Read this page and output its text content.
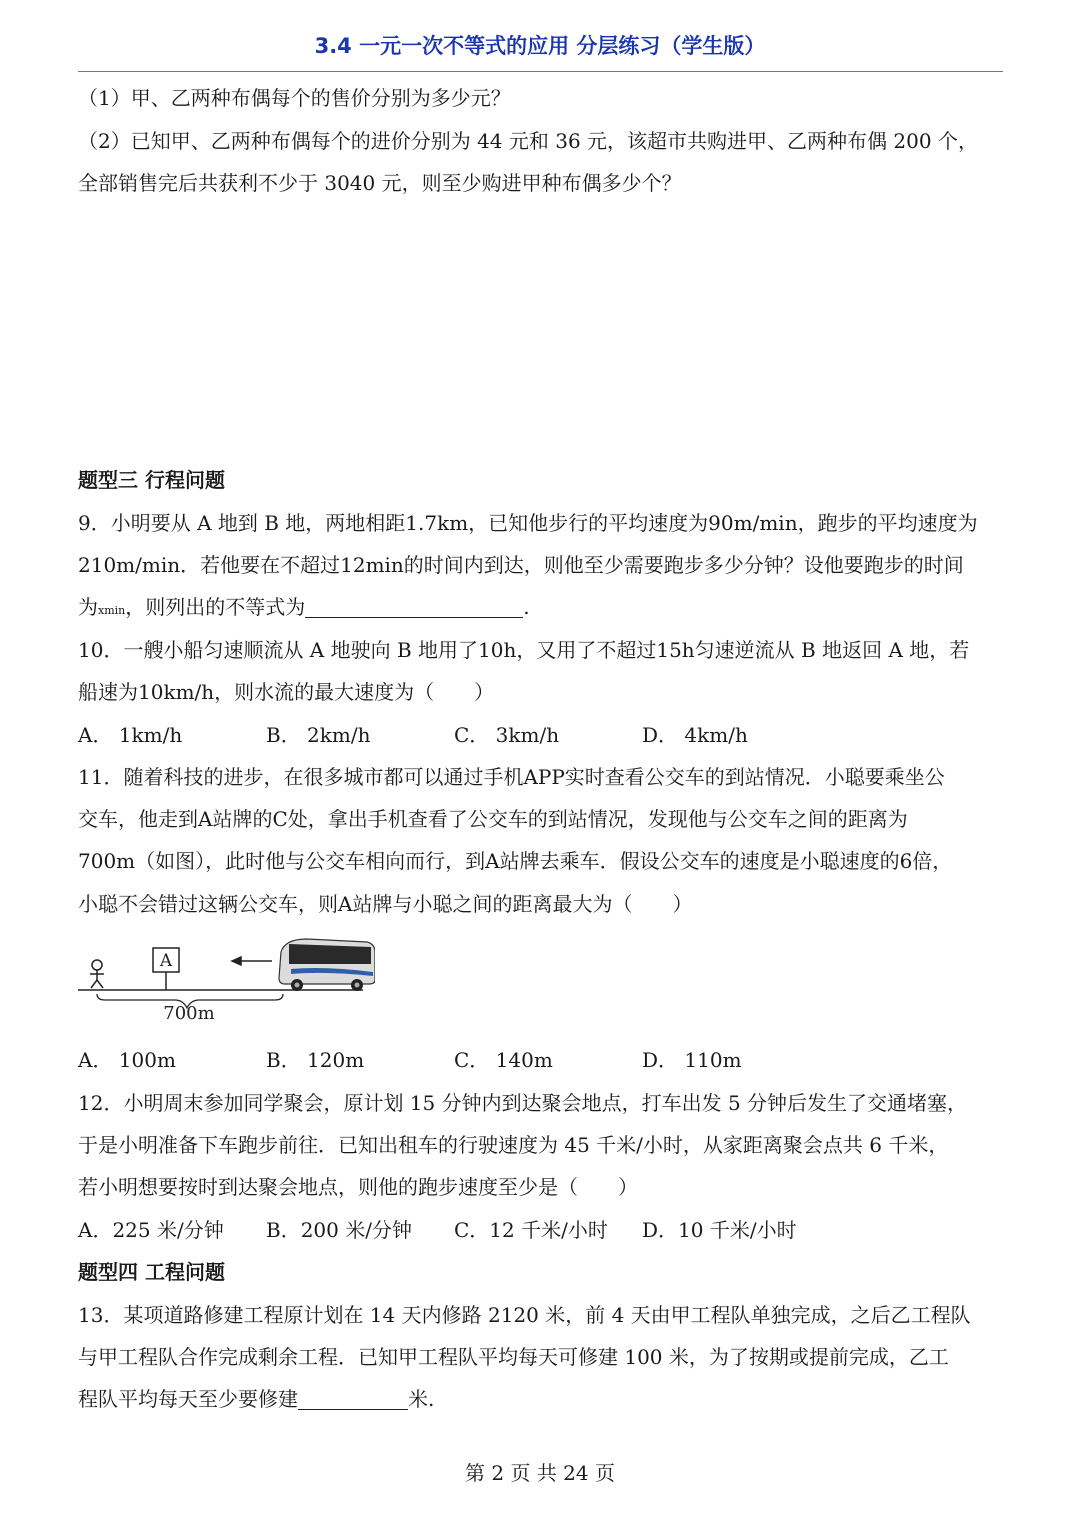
3.4 一元一次不等式的应用 分层练习（学生版）
（1）甲、乙两种布偶每个的售价分别为多少元？
（2）已知甲、乙两种布偶每个的进价分别为 44 元和 36 元，该超市共购进甲、乙两种布偶 200 个，
全部销售完后共获利不少于 3040 元，则至少购进甲种布偶多少个？
题型三 行程问题
9．小明要从 A 地到 B 地，两地相距1.7km，已知他步行的平均速度为90m/min，跑步的平均速度为
210m/min．若他要在不超过12min的时间内到达，则他至少需要跑步多少分钟？设他要跑步的时间
为xmin，则列出的不等式为	.
10．一艘小船匀速顺流从 A 地驶向 B 地用了10h，又用了不超过15h匀速逆流从 B 地返回 A 地，若
船速为10km/h，则水流的最大速度为（　　）
A． 1km/h	B． 2km/h	C． 3km/h	D． 4km/h
11．随着科技的进步，在很多城市都可以通过手机APP实时查看公交车的到站情况．小聪要乘坐公
交车，他走到A站牌的C处，拿出手机查看了公交车的到站情况，发现他与公交车之间的距离为
700m（如图），此时他与公交车相向而行，到A站牌去乘车．假设公交车的速度是小聪速度的6倍，
小聪不会错过这辆公交车，则A站牌与小聪之间的距离最大为（　　）
A
700m
A． 100m	B． 120m	C． 140m	D． 110m
12．小明周末参加同学聚会，原计划 15 分钟内到达聚会地点，打车出发 5 分钟后发生了交通堵塞，
于是小明准备下车跑步前往．已知出租车的行驶速度为 45 千米/小时，从家距离聚会点共 6 千米，
若小明想要按时到达聚会地点，则他的跑步速度至少是（　　）
A．225 米/分钟 B．200 米/分钟 C．12 千米/小时 D．10 千米/小时
题型四 工程问题
13．某项道路修建工程原计划在 14 天内修路 2120 米，前 4 天由甲工程队单独完成，之后乙工程队
与甲工程队合作完成剩余工程．已知甲工程队平均每天可修建 100 米，为了按期或提前完成，乙工
程队平均每天至少要修建	米.
第 2 页 共 24 页
